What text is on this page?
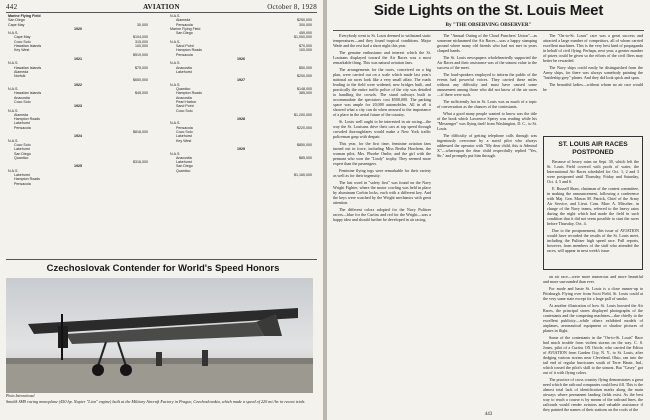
442	AVIATION	October 8, 1928
Marine Flying Field
San Diego
Cape May	30,000
1920
N.A.S.
Cape May	$104,000
Coco Solo	315,000
Hawaiian Islands	100,000
Key West
$519,000
1921
N.A.S.
Hawaiian Islands	$75,000
Alameda
Norfolk
$650,000
1922
N.A.S.
Hawaiian Islands	$45,000
Anacostia
Coco Solo
1923
N.A.S.
Alameda
Hampton Roads
Lakehurst
Pensacola
$818,000
1924
N.A.S.
Coco Solo
Lakehurst
San Diego
Quantico
$316,000
1925
N.A.S.
Lakehurst
Hampton Roads
Pensacola
N.A.S.
Alameda	$250,000
Pensacola	300,000
Marine Flying Field
San Diego	450,000
$1,000,000
N.A.S.
Sand Point	$70,000
Hampton Roads	100,000
Pensacola
1926
N.A.S.
Anacostia	$50,000
Lakehurst
$200,000
1927
N.A.S.
Quantico	$148,000
Hampton Roads	385,000
Anacostia
Pearl Harbor
Sand Point
Coco Solo
$1,200,000
1928
N.A.S.
Pensacola	$220,000
Coco Solo
Lakehurst
Key West
$850,000
1929
N.A.S.
Anacostia	$85,000
Lakehurst
San Diego
Quantico
$1,160,000
Czechoslovak Contender for World's Speed Honors
Photo International
Smolik SM9 racing monoplane (450 hp. Napier "Lion" engine) built at the Military Aircraft Factory in Prague, Czechoslovakia, which made a speed of 220 mi./hr. in recent trials
Side Lights on the St. Louis Meet
By "THE OBSERVING OBSERVER"

Everybody went to St. Louis deemed to withstand static temperatures—and they found tropical conditions. Major Wade and the rest had a short night this year.

The genuine enthusiasm and interest which the St. Louisans displayed toward the Air Races was a most remarkable thing. This was natural aviation fans.

The arrangements for the races, conceived on a big plan, were carried out on a scale which made last year's national air races look like a very small affair. The roads leading to the field were widened, new bridges built, and practically the entire traffic police of the city was detailed to handling the crowds. The stand railways built to accommodate the spectators cost $500,000. The parking space was ample for 20,000 automobiles. All in all it showed what a city can do when aroused to the importance of a place in the aerial future of the country.

St. Louis well ought to be interested in air racing—the way the St. Louisans drive their cars at top speed through crowded thoroughfares would make a New York traffic policeman gasp with despair.

This year, for the first time, feminine aviation fans turned out in force, including Miss Bertha Horchem, the woman pilot, Mrs. Phoebe Omlie, and the girl with the pennant who won the "Lindy" trophy. They seemed more expert than the passengers.

Feminine flying togs were remarkable for their variety as well as for their ingenuity.

The last word in "safety first" was found on the Navy Wright Fighter, where the motor cowling was held in place by aluminum Corbin locks, each with a different key. And the keys were watched by the Wright mechanics with great attention.

The different colors adopted for the Navy Pulitzer racers—blue for the Curtiss and red for the Wright—was a happy idea and should further be developed in air racing.

The "Annual Outing of the Cloud Punchers' Union"—as someone nicknamed the Air Races—was a happy stamping ground where many old friends who had not met in years clasped hands.

The St. Louis newspapers wholeheartedly supported the Air Races and their assistance was of the utmost value to the success of the meet.

The loud-speakers employed to inform the public of the events had powerful voices. They carried these miles without any difficulty and must have caused some amusement among those who did not know of the air races—if there were such.

The sufficiently hot in St. Louis was as much of a topic of conversation as the chances of the contestants.

What a good many people wanted to know was the title of the book which Lawrence Sperry was reading while his "Messenger" was flying itself from Washington, D. C., to St. Louis.

The difficulty of getting telephone calls through was ingeniously overcome by a naval pilot who always addressed the operator with "My dear child, this is Admiral X"—whereupon the dear child respectfully replied "Yes, Sir," and promptly put him through.

The "On-to-St. Louis" race was a great success and attracted a large number of competitors, all of whom carried excellent machines. This is the very best kind of propaganda in behalf of civil flying. Perhaps, next year, a greater number of prizes could be given so the efforts of the civil fliers may better be rewarded.

The Navy ships could easily be distinguished from the Army ships, for there was always somebody painting the "battleship grey" planes. And they did look spick and span.

The beautiful ladies—without whom no air race would be

ST. LOUIS AIR RACES POSTPONED

Because of heavy rains on Sept. 30, which left the St. Louis Field covered with pools of water, the International Air Races scheduled for Oct. 1, 2 and 3 were postponed until Thursday, Friday and Saturday, Oct. 4, 5 and 6.

E. Russell Shaw, chairman of the contest committee, in making the announcement, following a conference with Maj. Gen. Mason M. Patrick, Chief of the Army Air Service, and Lieut. Com. Marc A. Mitscher, in charge of the Navy teams, referred to the heavy rains during the night which had made the field in such condition that it did not seem possible to start the races before Thursday, Oct. 4.

Due to the postponement, this issue of AVIATION would have recorded the results of the St. Louis meet, including the Pulitzer high speed race. Full reports, however, from members of the staff who attended the races, will appear in next week's issue.

an air race—were more numerous and more beautiful and more surrounded than ever.

For mode and haste St. Louis is a close runner-up to Pittsburgh. Flying over from Scott Field, St. Louis could at the very same state except for a large pall of smoke.

At another illustration of how St. Louis boosted the Air Races, the principal stores displayed photographs of the contestants and the competing machines—due chiefly to the excellent publicity—while others exhibited models of airplanes, aeronautical equipment or shadow pictures of planes in flight.

Some of the contestants in the "On-to-St. Louis" Race had much trouble from violent storms on the way. C. S. Jones, pilot of a Curtiss OX Oriole, who carried the Editor of AVIATION from Garden City, N. Y., to St. Louis, after dodging various storms near Cleveland, Ohio, ran into the tail end of regular hurricanes south of Terre Haute, Ind., which tossed the pilot's skill to the utmost. But "Casey" got out of it with flying colors.

The practice of cross country flying demonstrates a great need which the railroad companies could best fill. This is the almost total lack of identification marks along the main airways where permanent landing fields exist. As the best way to reach a course is by means of the railroad lines, the railroads would render aviators and valuable assistance if they painted the names of their stations on the roofs of the

443
